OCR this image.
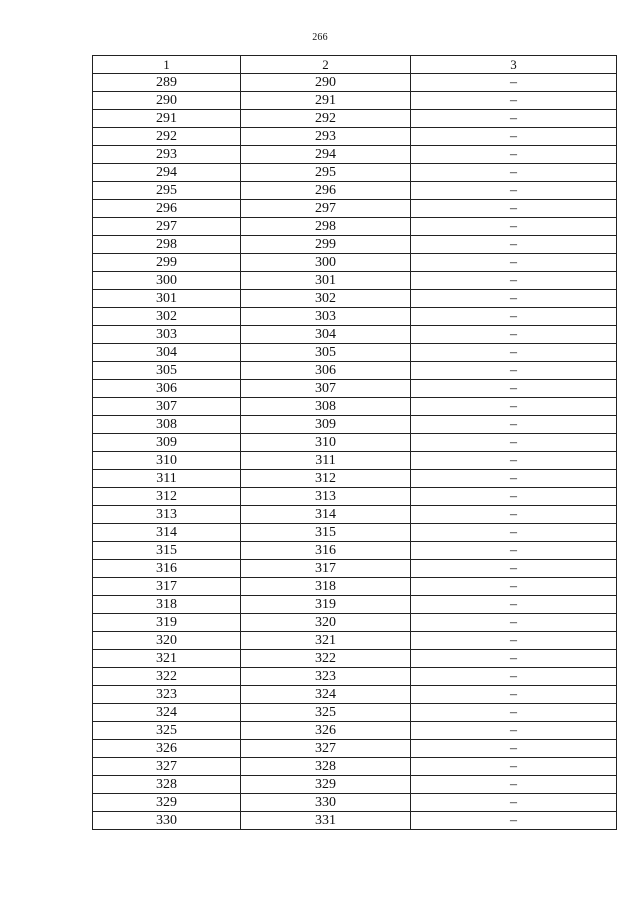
266
1	2	3
289	290	–
290	291	–
291	292	–
292	293	–
293	294	–
294	295	–
295	296	–
296	297	–
297	298	–
298	299	–
299	300	–
300	301	–
301	302	–
302	303	–
303	304	–
304	305	–
305	306	–
306	307	–
307	308	–
308	309	–
309	310	–
310	311	–
311	312	–
312	313	–
313	314	–
314	315	–
315	316	–
316	317	–
317	318	–
318	319	–
319	320	–
320	321	–
321	322	–
322	323	–
323	324	–
324	325	–
325	326	–
326	327	–
327	328	–
328	329	–
329	330	–
330	331	–
